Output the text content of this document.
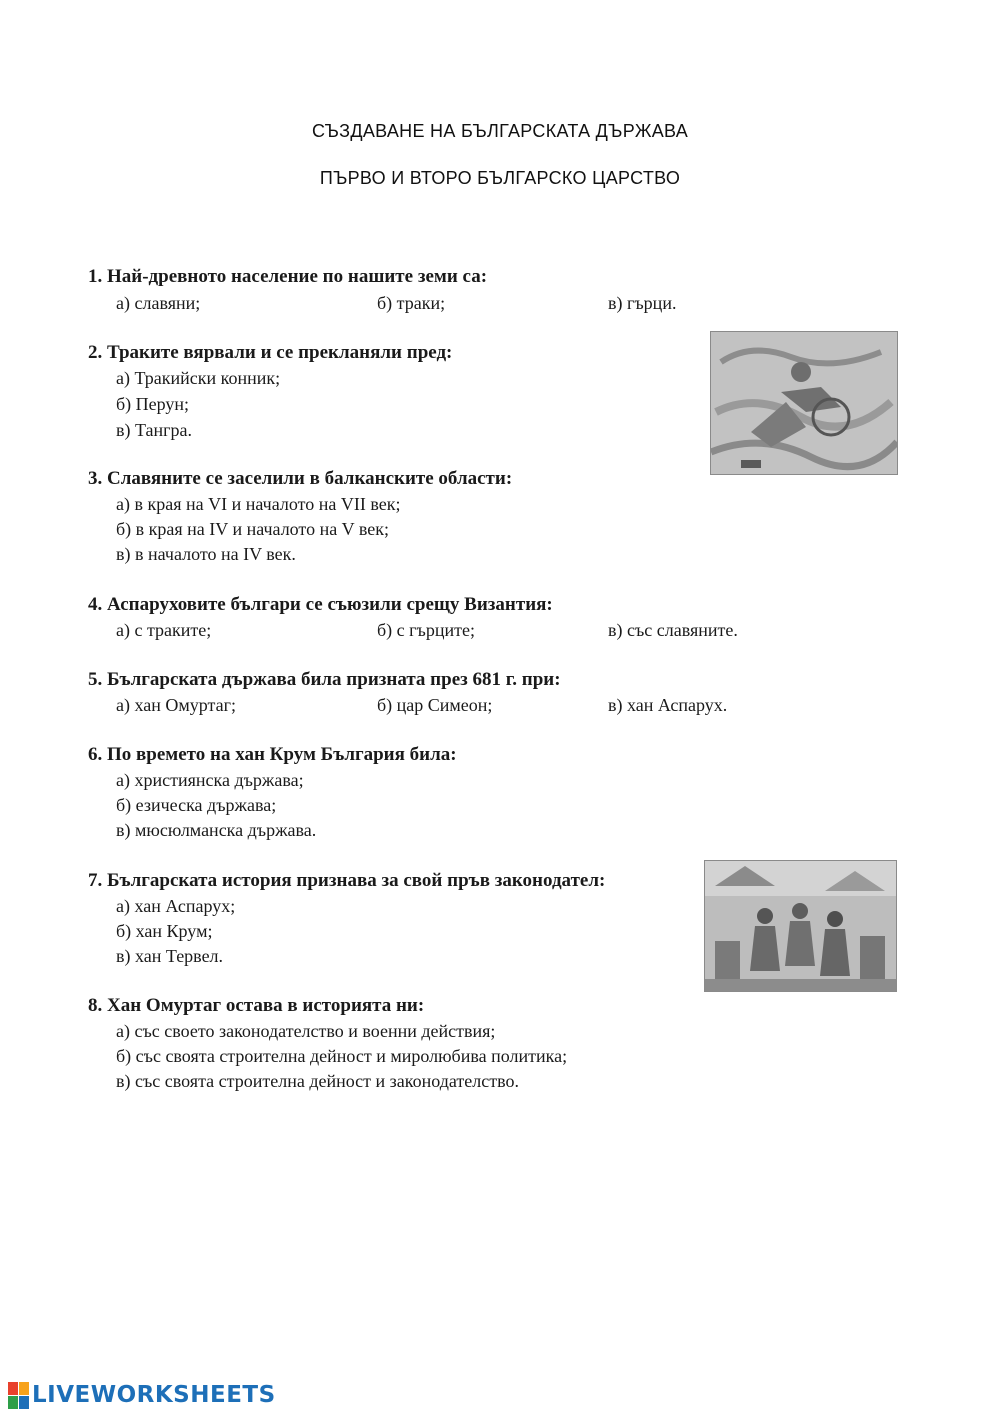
СЪЗДАВАНЕ НА БЪЛГАРСКАТА ДЪРЖАВА
ПЪРВО И ВТОРО БЪЛГАРСКО ЦАРСТВО
1. Най-древното население по нашите земи са:
а) славяни;	б) траки;	в) гърци.
2. Траките вярвали и се прекланяли пред:
а) Тракийски конник;
б) Перун;
в) Тангра.
3. Славяните се заселили в балканските области:
а) в края на VI и началото на VII век;
б) в края на IV и началото на V век;
в) в началото на IV век.
4. Аспаруховите българи се съюзили срещу Византия:
а) с траките;	б) с гърците;	в) със славяните.
5. Българската държава била призната през 681 г. при:
а) хан Омуртаг;	б) цар Симеон;	в) хан Аспарух.
6. По времето на хан Крум България била:
а) християнска държава;
б) езическа държава;
в) мюсюлманска държава.
7. Българската история признава за свой пръв законодател:
а) хан Аспарух;
б) хан Крум;
в) хан Тервел.
8. Хан Омуртаг остава в историята ни:
а) със своето законодателство и военни действия;
б) със своята строителна дейност и миролюбива политика;
в) със своята строителна дейност и законодателство.
LIVEWORKSHEETS
